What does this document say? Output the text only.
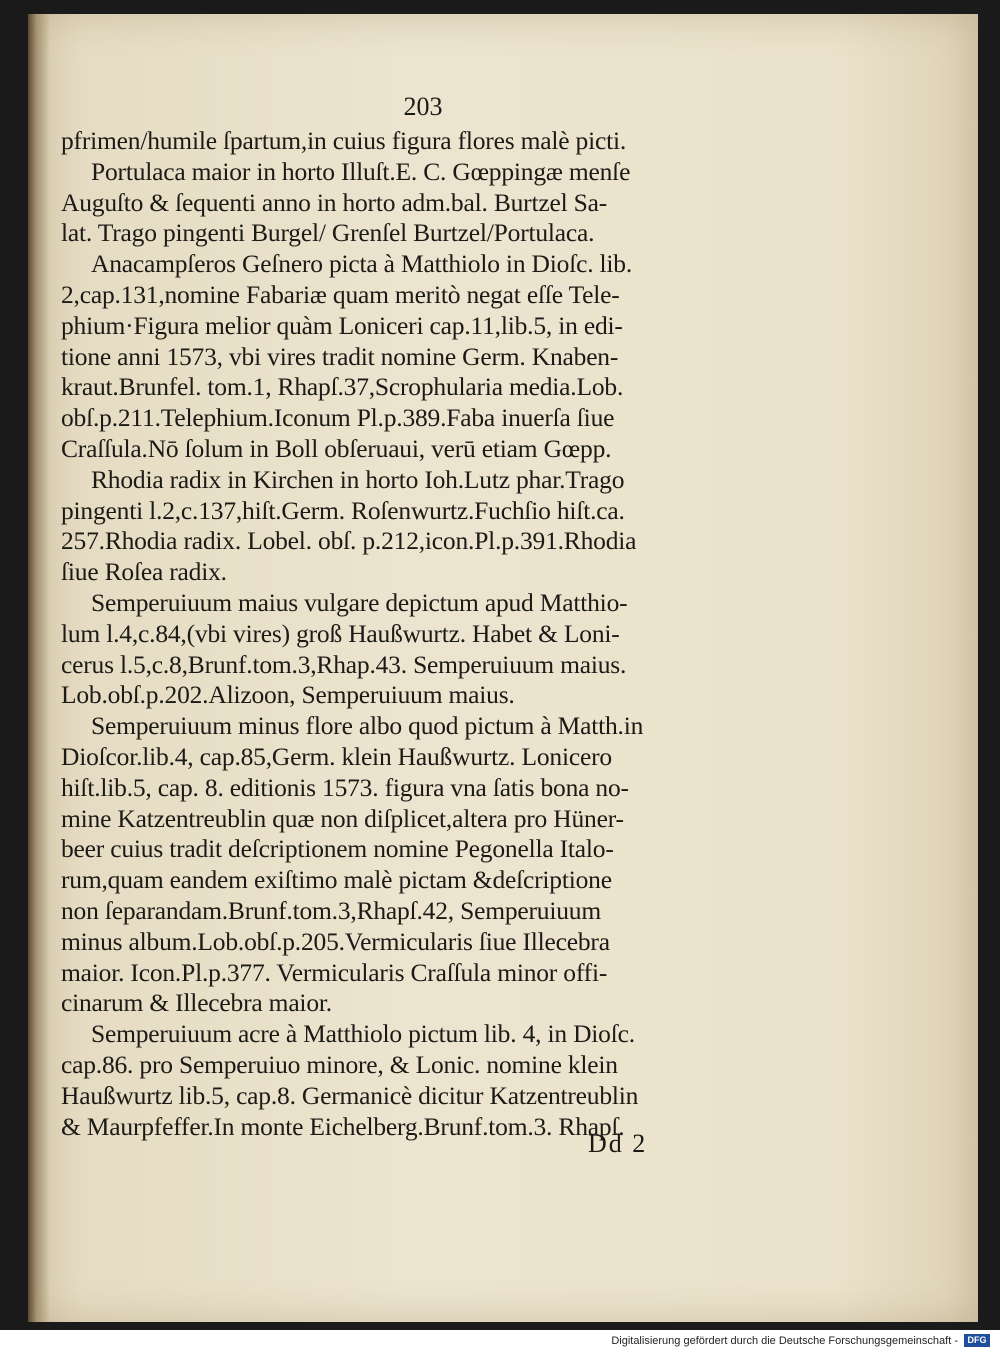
203
pfrimen/humile ſpartum,in cuius figura flores malè picti.
Portulaca maior in horto Illuſt.E. C. Gœppingæ menſe
Auguſto & ſequenti anno in horto adm.bal. Burtzel Sa-
lat. Trago pingenti Burgel/ Grenſel Burtzel/Portulaca.
Anacampſeros Geſnero picta à Matthiolo in Dioſc. lib.
2,cap.131,nomine Fabariæ quam meritò negat eſſe Tele-
phium·Figura melior quàm Loniceri cap.11,lib.5, in edi-
tione anni 1573, vbi vires tradit nomine Germ. Knaben-
kraut.Brunfel. tom.1, Rhapſ.37,Scrophularia media.Lob.
obſ.p.211.Telephium.Iconum Pl.p.389.Faba inuerſa ſiue
Craſſula.Nō ſolum in Boll obſeruaui, verū etiam Gœpp.
Rhodia radix in Kirchen in horto Ioh.Lutz phar.Trago
pingenti l.2,c.137,hiſt.Germ. Roſenwurtz.Fuchſio hiſt.ca.
257.Rhodia radix. Lobel. obſ. p.212,icon.Pl.p.391.Rhodia
ſiue Roſea radix.
Semperuiuum maius vulgare depictum apud Matthio-
lum l.4,c.84,(vbi vires) groß Haußwurtz. Habet & Loni-
cerus l.5,c.8,Brunf.tom.3,Rhap.43. Semperuiuum maius.
Lob.obſ.p.202.Alizoon, Semperuiuum maius.
Semperuiuum minus flore albo quod pictum à Matth.in
Dioſcor.lib.4, cap.85,Germ. klein Haußwurtz. Lonicero
hiſt.lib.5, cap. 8. editionis 1573. figura vna ſatis bona no-
mine Katzentreublin quæ non diſplicet,altera pro Hüner-
beer cuius tradit deſcriptionem nomine Pegonella Italo-
rum,quam eandem exiſtimo malè pictam &deſcriptione
non ſeparandam.Brunf.tom.3,Rhapſ.42, Semperuiuum
minus album.Lob.obſ.p.205.Vermicularis ſiue Illecebra
maior. Icon.Pl.p.377. Vermicularis Craſſula minor offi-
cinarum & Illecebra maior.
Semperuiuum acre à Matthiolo pictum lib. 4, in Dioſc.
cap.86. pro Semperuiuo minore, & Lonic. nomine klein
Haußwurtz lib.5, cap.8. Germanicè dicitur Katzentreublin
& Maurpfeffer.In monte Eichelberg.Brunf.tom.3. Rhapſ.
Dd 2
Digitalisierung gefördert durch die Deutsche Forschungsgemeinschaft -	DFG
